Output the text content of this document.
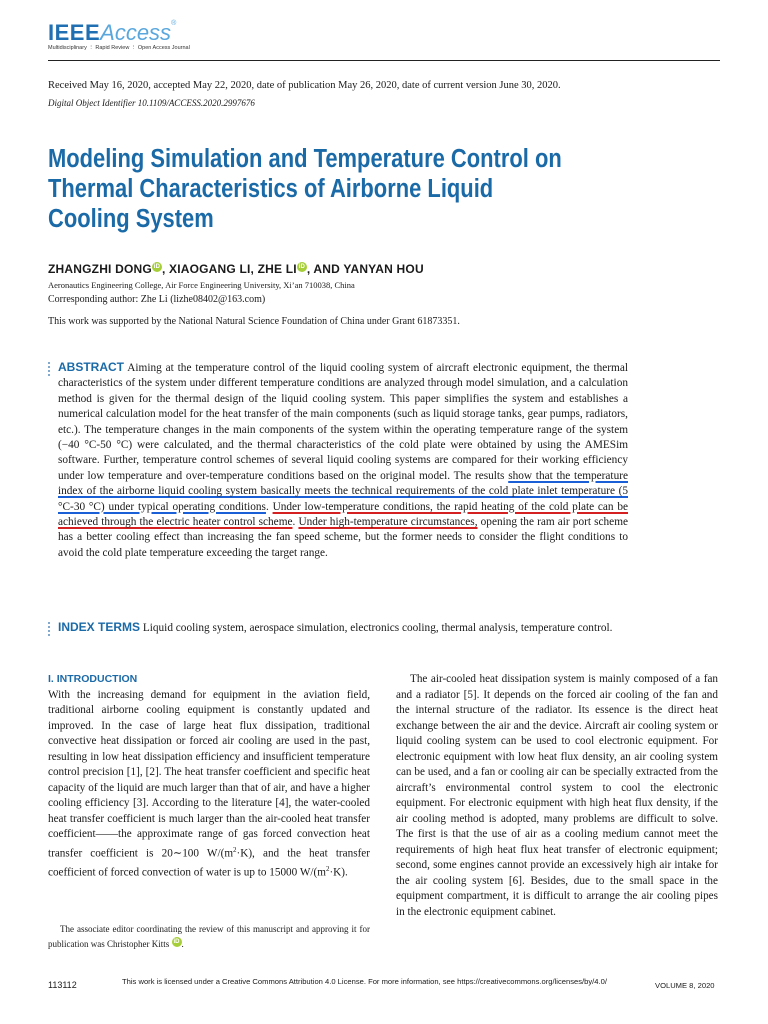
IEEEAccess®
Multidisciplinary ⋮ Rapid Review ⋮ Open Access Journal
Received May 16, 2020, accepted May 22, 2020, date of publication May 26, 2020, date of current version June 30, 2020.
Digital Object Identifier 10.1109/ACCESS.2020.2997676
Modeling Simulation and Temperature Control on Thermal Characteristics of Airborne Liquid Cooling System
ZHANGZHI DONG iD , XIAOGANG LI, ZHE LI iD , AND YANYAN HOU
Aeronautics Engineering College, Air Force Engineering University, Xi’an 710038, China
Corresponding author: Zhe Li (lizhe08402@163.com)
This work was supported by the National Natural Science Foundation of China under Grant 61873351.
ABSTRACT Aiming at the temperature control of the liquid cooling system of aircraft electronic equipment, the thermal characteristics of the system under different temperature conditions are analyzed through model simulation, and a calculation method is given for the thermal design of the liquid cooling system. This paper simplifies the system and establishes a numerical calculation model for the heat transfer of the main components (such as liquid storage tanks, gear pumps, radiators, etc.). The temperature changes in the main components of the system within the operating temperature range of the system (−40 °C-50 °C) were calculated, and the thermal characteristics of the cold plate were obtained by using the AMESim software. Further, temperature control schemes of several liquid cooling systems are compared for their working efficiency under low temperature and over-temperature conditions based on the original model. The results show that the temperature index of the airborne liquid cooling system basically meets the technical requirements of the cold plate inlet temperature (5 °C-30 °C) under typical operating conditions. Under low-temperature conditions, the rapid heating of the cold plate can be achieved through the electric heater control scheme. Under high-temperature circumstances, opening the ram air port scheme has a better cooling effect than increasing the fan speed scheme, but the former needs to consider the flight conditions to avoid the cold plate temperature exceeding the target range.
INDEX TERMS Liquid cooling system, aerospace simulation, electronics cooling, thermal analysis, temperature control.
I. INTRODUCTION

With the increasing demand for equipment in the aviation field, traditional airborne cooling equipment is constantly updated and improved. In the case of large heat flux dissipation, traditional convective heat dissipation or forced air cooling are used in the past, resulting in low heat dissipation efficiency and insufficient temperature control precision [1], [2]. The heat transfer coefficient and specific heat capacity of the liquid are much larger than that of air, and have a higher cooling efficiency [3]. According to the literature [4], the water-cooled heat transfer coefficient is much larger than the air-cooled heat transfer coefficient——the approximate range of gas forced convection heat transfer coefficient is 20∼100 $W/(m^2\cdot K)$, and the heat transfer coefficient of forced convection of water is up to 15000 $W/(m^2\cdot K)$.

The associate editor coordinating the review of this manuscript and approving it for publication was Christopher Kitts iD .

The air-cooled heat dissipation system is mainly composed of a fan and a radiator [5]. It depends on the forced air cooling of the fan and the internal structure of the radiator. Its essence is the direct heat exchange between the air and the device. Aircraft air cooling system or liquid cooling system can be used to cool electronic equipment. For electronic equipment with low heat flux density, an air cooling system can be used, and a fan or cooling air can be specially extracted from the aircraft’s environmental control system to cool the electronic equipment. For electronic equipment with high heat flux density, if the air cooling method is adopted, many problems are difficult to solve. The first is that the use of air as a cooling medium cannot meet the requirements of high heat flux heat transfer of electronic equipment; second, some engines cannot provide an excessively high air intake for the air cooling system [6]. Besides, due to the small space in the equipment compartment, it is difficult to arrange the air cooling pipes in the electronic equipment cabinet.

113112	This work is licensed under a Creative Commons Attribution 4.0 License. For more information, see https://creativecommons.org/licenses/by/4.0/	VOLUME 8, 2020
